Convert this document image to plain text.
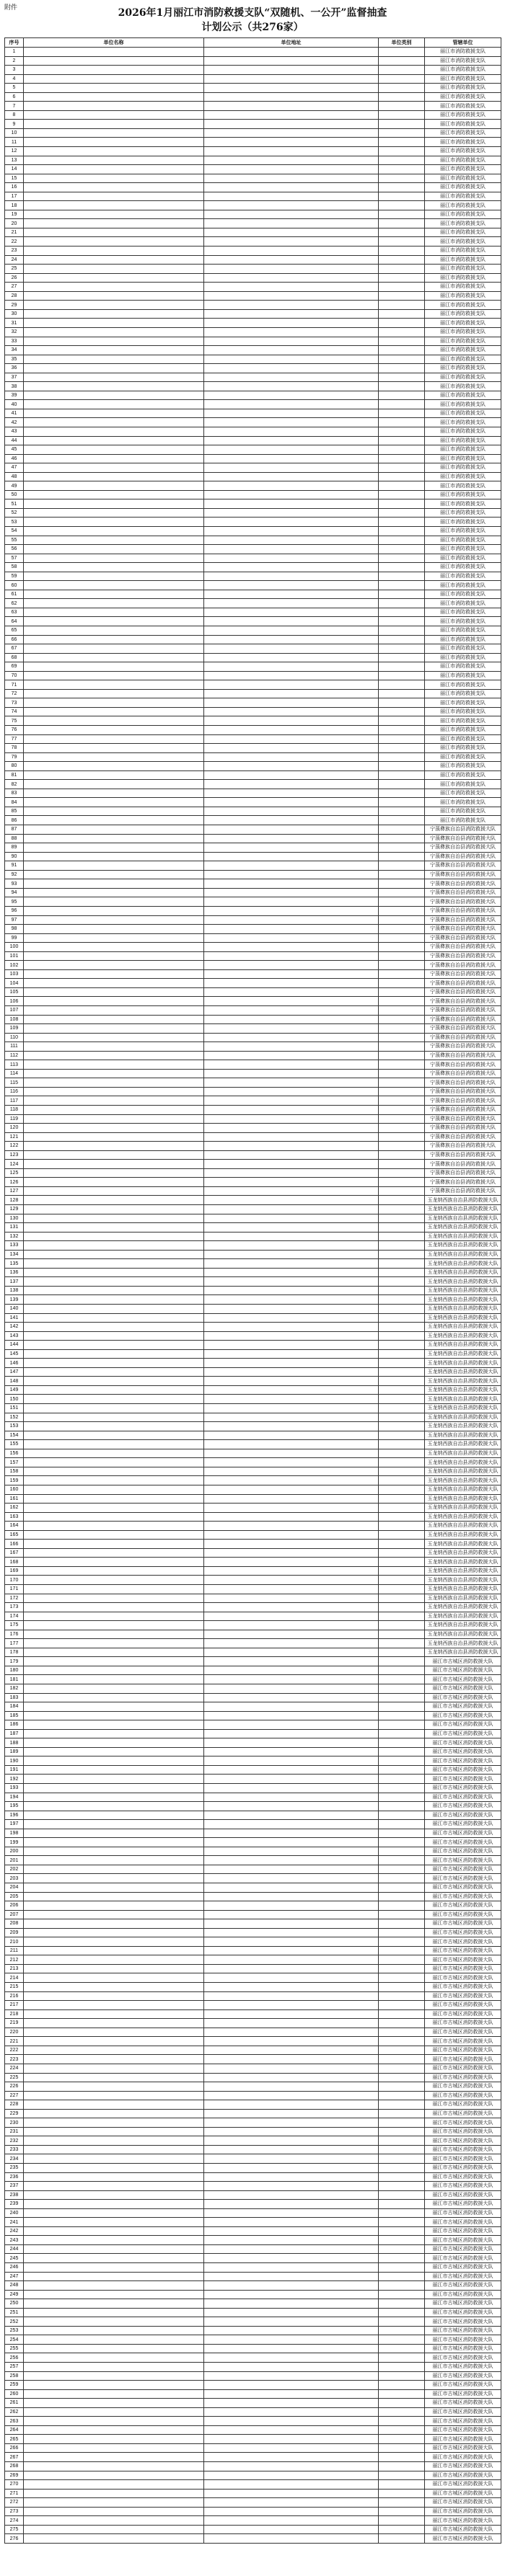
附件	2026年1月丽江市消防救援支队“双随机、一公开”监督抽查
计划公示（共276家）
序号	单位名称	单位地址	单位类别	管辖单位
1				丽江市消防救援支队
2				丽江市消防救援支队
3				丽江市消防救援支队
4				丽江市消防救援支队
5				丽江市消防救援支队
6				丽江市消防救援支队
7				丽江市消防救援支队
8				丽江市消防救援支队
9				丽江市消防救援支队
10				丽江市消防救援支队
11				丽江市消防救援支队
12				丽江市消防救援支队
13				丽江市消防救援支队
14				丽江市消防救援支队
15				丽江市消防救援支队
16				丽江市消防救援支队
17				丽江市消防救援支队
18				丽江市消防救援支队
19				丽江市消防救援支队
20				丽江市消防救援支队
21				丽江市消防救援支队
22				丽江市消防救援支队
23				丽江市消防救援支队
24				丽江市消防救援支队
25				丽江市消防救援支队
26				丽江市消防救援支队
27				丽江市消防救援支队
28				丽江市消防救援支队
29				丽江市消防救援支队
30				丽江市消防救援支队
31				丽江市消防救援支队
32				丽江市消防救援支队
33				丽江市消防救援支队
34				丽江市消防救援支队
35				丽江市消防救援支队
36				丽江市消防救援支队
37				丽江市消防救援支队
38				丽江市消防救援支队
39				丽江市消防救援支队
40				丽江市消防救援支队
41				丽江市消防救援支队
42				丽江市消防救援支队
43				丽江市消防救援支队
44				丽江市消防救援支队
45				丽江市消防救援支队
46				丽江市消防救援支队
47				丽江市消防救援支队
48				丽江市消防救援支队
49				丽江市消防救援支队
50				丽江市消防救援支队
51				丽江市消防救援支队
52				丽江市消防救援支队
53				丽江市消防救援支队
54				丽江市消防救援支队
55				丽江市消防救援支队
56				丽江市消防救援支队
57				丽江市消防救援支队
58				丽江市消防救援支队
59				丽江市消防救援支队
60				丽江市消防救援支队
61				丽江市消防救援支队
62				丽江市消防救援支队
63				丽江市消防救援支队
64				丽江市消防救援支队
65				丽江市消防救援支队
66				丽江市消防救援支队
67				丽江市消防救援支队
68				丽江市消防救援支队
69				丽江市消防救援支队
70				丽江市消防救援支队
71				丽江市消防救援支队
72				丽江市消防救援支队
73				丽江市消防救援支队
74				丽江市消防救援支队
75				丽江市消防救援支队
76				丽江市消防救援支队
77				丽江市消防救援支队
78				丽江市消防救援支队
79				丽江市消防救援支队
80				丽江市消防救援支队
81				丽江市消防救援支队
82				丽江市消防救援支队
83				丽江市消防救援支队
84				丽江市消防救援支队
85				丽江市消防救援支队
86				丽江市消防救援支队
87				宁蒗彝族自治县消防救援大队
88				宁蒗彝族自治县消防救援大队
89				宁蒗彝族自治县消防救援大队
90				宁蒗彝族自治县消防救援大队
91				宁蒗彝族自治县消防救援大队
92				宁蒗彝族自治县消防救援大队
93				宁蒗彝族自治县消防救援大队
94				宁蒗彝族自治县消防救援大队
95				宁蒗彝族自治县消防救援大队
96				宁蒗彝族自治县消防救援大队
97				宁蒗彝族自治县消防救援大队
98				宁蒗彝族自治县消防救援大队
99				宁蒗彝族自治县消防救援大队
100				宁蒗彝族自治县消防救援大队
101				宁蒗彝族自治县消防救援大队
102				宁蒗彝族自治县消防救援大队
103				宁蒗彝族自治县消防救援大队
104				宁蒗彝族自治县消防救援大队
105				宁蒗彝族自治县消防救援大队
106				宁蒗彝族自治县消防救援大队
107				宁蒗彝族自治县消防救援大队
108				宁蒗彝族自治县消防救援大队
109				宁蒗彝族自治县消防救援大队
110				宁蒗彝族自治县消防救援大队
111				宁蒗彝族自治县消防救援大队
112				宁蒗彝族自治县消防救援大队
113				宁蒗彝族自治县消防救援大队
114				宁蒗彝族自治县消防救援大队
115				宁蒗彝族自治县消防救援大队
116				宁蒗彝族自治县消防救援大队
117				宁蒗彝族自治县消防救援大队
118				宁蒗彝族自治县消防救援大队
119				宁蒗彝族自治县消防救援大队
120				宁蒗彝族自治县消防救援大队
121				宁蒗彝族自治县消防救援大队
122				宁蒗彝族自治县消防救援大队
123				宁蒗彝族自治县消防救援大队
124				宁蒗彝族自治县消防救援大队
125				宁蒗彝族自治县消防救援大队
126				宁蒗彝族自治县消防救援大队
127				宁蒗彝族自治县消防救援大队
128				玉龙纳西族自治县消防救援大队
129				玉龙纳西族自治县消防救援大队
130				玉龙纳西族自治县消防救援大队
131				玉龙纳西族自治县消防救援大队
132				玉龙纳西族自治县消防救援大队
133				玉龙纳西族自治县消防救援大队
134				玉龙纳西族自治县消防救援大队
135				玉龙纳西族自治县消防救援大队
136				玉龙纳西族自治县消防救援大队
137				玉龙纳西族自治县消防救援大队
138				玉龙纳西族自治县消防救援大队
139				玉龙纳西族自治县消防救援大队
140				玉龙纳西族自治县消防救援大队
141				玉龙纳西族自治县消防救援大队
142				玉龙纳西族自治县消防救援大队
143				玉龙纳西族自治县消防救援大队
144				玉龙纳西族自治县消防救援大队
145				玉龙纳西族自治县消防救援大队
146				玉龙纳西族自治县消防救援大队
147				玉龙纳西族自治县消防救援大队
148				玉龙纳西族自治县消防救援大队
149				玉龙纳西族自治县消防救援大队
150				玉龙纳西族自治县消防救援大队
151				玉龙纳西族自治县消防救援大队
152				玉龙纳西族自治县消防救援大队
153				玉龙纳西族自治县消防救援大队
154				玉龙纳西族自治县消防救援大队
155				玉龙纳西族自治县消防救援大队
156				玉龙纳西族自治县消防救援大队
157				玉龙纳西族自治县消防救援大队
158				玉龙纳西族自治县消防救援大队
159				玉龙纳西族自治县消防救援大队
160				玉龙纳西族自治县消防救援大队
161				玉龙纳西族自治县消防救援大队
162				玉龙纳西族自治县消防救援大队
163				玉龙纳西族自治县消防救援大队
164				玉龙纳西族自治县消防救援大队
165				玉龙纳西族自治县消防救援大队
166				玉龙纳西族自治县消防救援大队
167				玉龙纳西族自治县消防救援大队
168				玉龙纳西族自治县消防救援大队
169				玉龙纳西族自治县消防救援大队
170				玉龙纳西族自治县消防救援大队
171				玉龙纳西族自治县消防救援大队
172				玉龙纳西族自治县消防救援大队
173				玉龙纳西族自治县消防救援大队
174				玉龙纳西族自治县消防救援大队
175				玉龙纳西族自治县消防救援大队
176				玉龙纳西族自治县消防救援大队
177				玉龙纳西族自治县消防救援大队
178				玉龙纳西族自治县消防救援大队
179				丽江市古城区消防救援大队
180				丽江市古城区消防救援大队
181				丽江市古城区消防救援大队
182				丽江市古城区消防救援大队
183				丽江市古城区消防救援大队
184				丽江市古城区消防救援大队
185				丽江市古城区消防救援大队
186				丽江市古城区消防救援大队
187				丽江市古城区消防救援大队
188				丽江市古城区消防救援大队
189				丽江市古城区消防救援大队
190				丽江市古城区消防救援大队
191				丽江市古城区消防救援大队
192				丽江市古城区消防救援大队
193				丽江市古城区消防救援大队
194				丽江市古城区消防救援大队
195				丽江市古城区消防救援大队
196				丽江市古城区消防救援大队
197				丽江市古城区消防救援大队
198				丽江市古城区消防救援大队
199				丽江市古城区消防救援大队
200				丽江市古城区消防救援大队
201				丽江市古城区消防救援大队
202				丽江市古城区消防救援大队
203				丽江市古城区消防救援大队
204				丽江市古城区消防救援大队
205				丽江市古城区消防救援大队
206				丽江市古城区消防救援大队
207				丽江市古城区消防救援大队
208				丽江市古城区消防救援大队
209				丽江市古城区消防救援大队
210				丽江市古城区消防救援大队
211				丽江市古城区消防救援大队
212				丽江市古城区消防救援大队
213				丽江市古城区消防救援大队
214				丽江市古城区消防救援大队
215				丽江市古城区消防救援大队
216				丽江市古城区消防救援大队
217				丽江市古城区消防救援大队
218				丽江市古城区消防救援大队
219				丽江市古城区消防救援大队
220				丽江市古城区消防救援大队
221				丽江市古城区消防救援大队
222				丽江市古城区消防救援大队
223				丽江市古城区消防救援大队
224				丽江市古城区消防救援大队
225				丽江市古城区消防救援大队
226				丽江市古城区消防救援大队
227				丽江市古城区消防救援大队
228				丽江市古城区消防救援大队
229				丽江市古城区消防救援大队
230				丽江市古城区消防救援大队
231				丽江市古城区消防救援大队
232				丽江市古城区消防救援大队
233				丽江市古城区消防救援大队
234				丽江市古城区消防救援大队
235				丽江市古城区消防救援大队
236				丽江市古城区消防救援大队
237				丽江市古城区消防救援大队
238				丽江市古城区消防救援大队
239				丽江市古城区消防救援大队
240				丽江市古城区消防救援大队
241				丽江市古城区消防救援大队
242				丽江市古城区消防救援大队
243				丽江市古城区消防救援大队
244				丽江市古城区消防救援大队
245				丽江市古城区消防救援大队
246				丽江市古城区消防救援大队
247				丽江市古城区消防救援大队
248				丽江市古城区消防救援大队
249				丽江市古城区消防救援大队
250				丽江市古城区消防救援大队
251				丽江市古城区消防救援大队
252				丽江市古城区消防救援大队
253				丽江市古城区消防救援大队
254				丽江市古城区消防救援大队
255				丽江市古城区消防救援大队
256				丽江市古城区消防救援大队
257				丽江市古城区消防救援大队
258				丽江市古城区消防救援大队
259				丽江市古城区消防救援大队
260				丽江市古城区消防救援大队
261				丽江市古城区消防救援大队
262				丽江市古城区消防救援大队
263				丽江市古城区消防救援大队
264				丽江市古城区消防救援大队
265				丽江市古城区消防救援大队
266				丽江市古城区消防救援大队
267				丽江市古城区消防救援大队
268				丽江市古城区消防救援大队
269				丽江市古城区消防救援大队
270				丽江市古城区消防救援大队
271				丽江市古城区消防救援大队
272				丽江市古城区消防救援大队
273				丽江市古城区消防救援大队
274				丽江市古城区消防救援大队
275				丽江市古城区消防救援大队
276				丽江市古城区消防救援大队
